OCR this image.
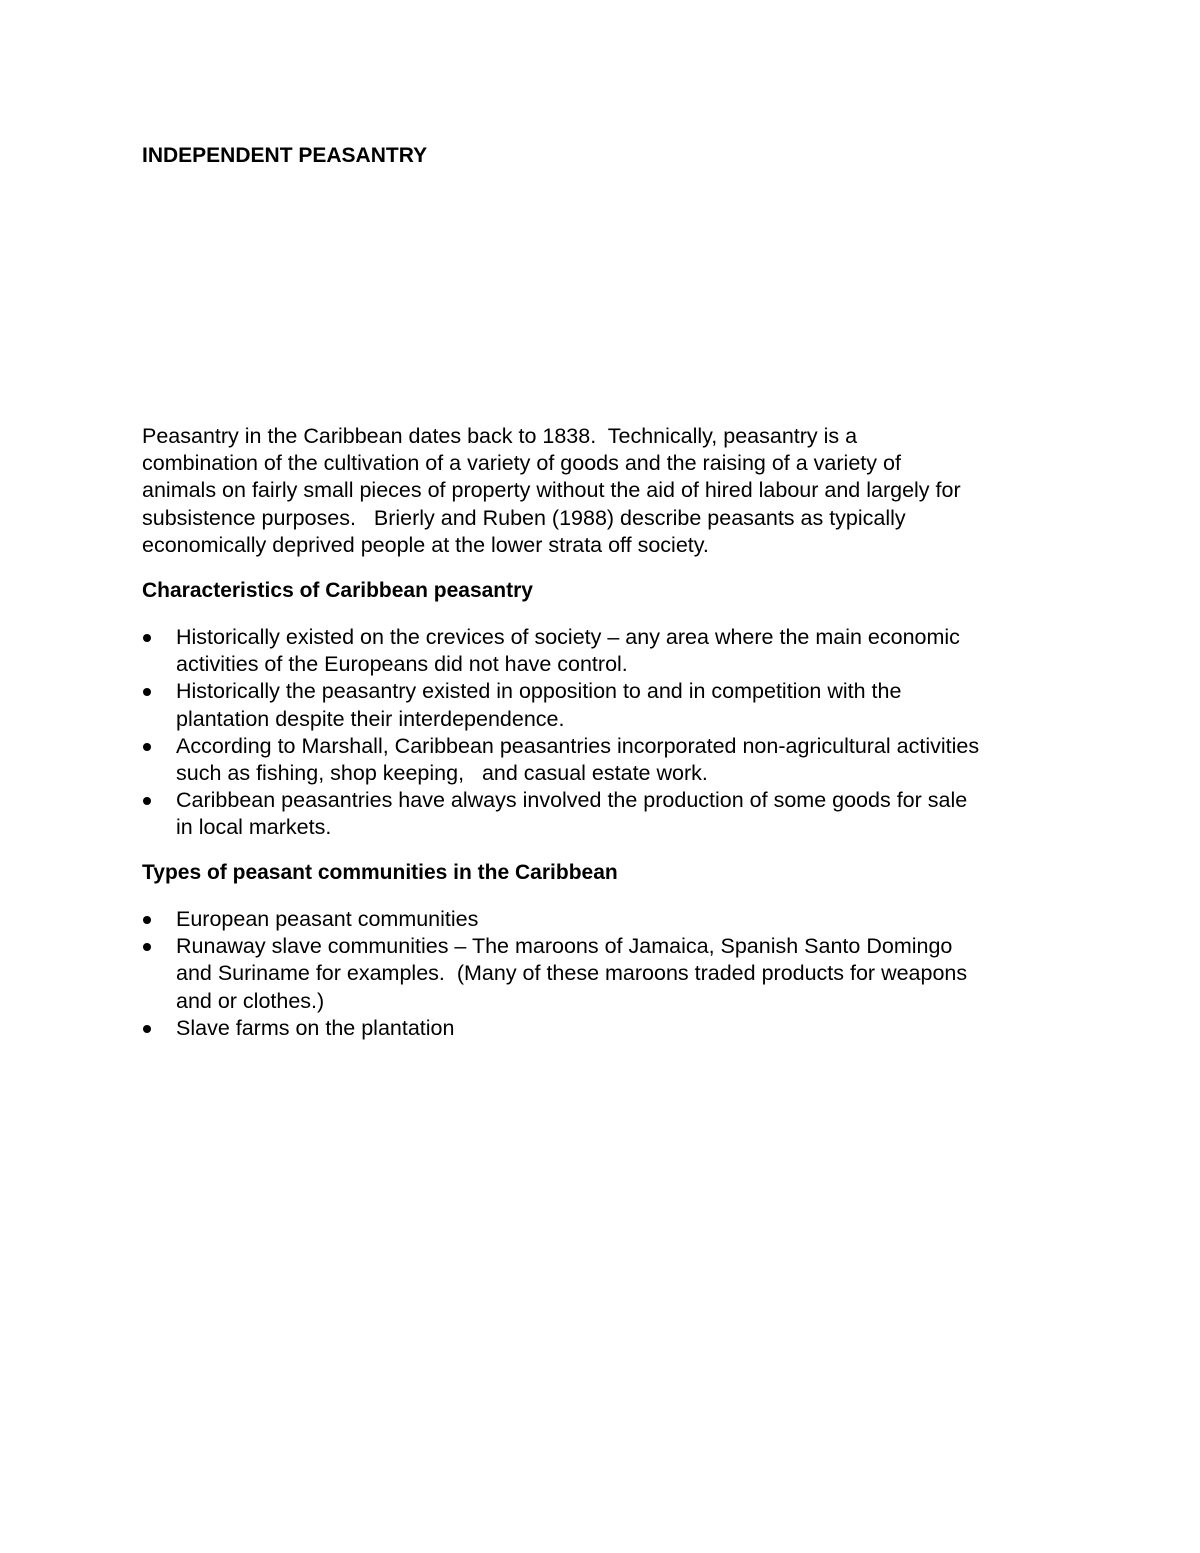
INDEPENDENT PEASANTRY
Peasantry in the Caribbean dates back to 1838.  Technically, peasantry is a
combination of the cultivation of a variety of goods and the raising of a variety of
animals on fairly small pieces of property without the aid of hired labour and largely for
subsistence purposes.   Brierly and Ruben (1988) describe peasants as typically
economically deprived people at the lower strata off society.
Characteristics of Caribbean peasantry
Historically existed on the crevices of society – any area where the main economic
activities of the Europeans did not have control.
Historically the peasantry existed in opposition to and in competition with the
plantation despite their interdependence.
According to Marshall, Caribbean peasantries incorporated non-agricultural activities
such as fishing, shop keeping,   and casual estate work.
Caribbean peasantries have always involved the production of some goods for sale
in local markets.
Types of peasant communities in the Caribbean
European peasant communities
Runaway slave communities – The maroons of Jamaica, Spanish Santo Domingo
and Suriname for examples.  (Many of these maroons traded products for weapons
and or clothes.)
Slave farms on the plantation
